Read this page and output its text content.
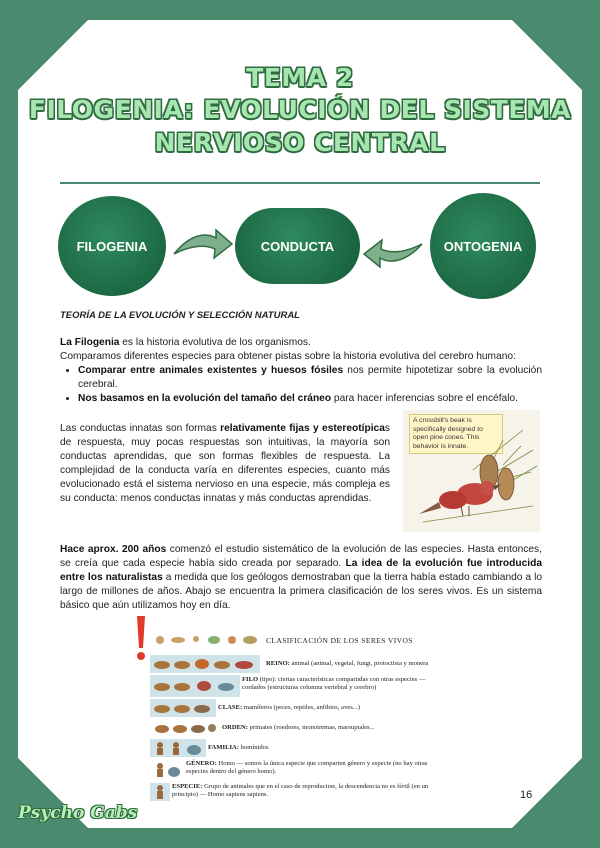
TEMA 2
FILOGENIA: EVOLUCIÓN DEL SISTEMA
NERVIOSO CENTRAL
FILOGENIA	CONDUCTA	ONTOGENIA
TEORÍA DE LA EVOLUCIÓN Y SELECCIÓN NATURAL
La Filogenia es la historia evolutiva de los organismos.
Comparamos diferentes especies para obtener pistas sobre la historia evolutiva del cerebro humano:
• Comparar entre animales existentes y huesos fósiles nos permite hipotetizar sobre la evolución cerebral.
• Nos basamos en la evolución del tamaño del cráneo para hacer inferencias sobre el encéfalo.
Las conductas innatas son formas relativamente fijas y estereotípicas de respuesta, muy pocas respuestas son intuitivas, la mayoría son conductas aprendidas, que son formas flexibles de respuesta. La complejidad de la conducta varía en diferentes especies, cuanto más evolucionado está el sistema nervioso en una especie, más compleja es su conducta: menos conductas innatas y más conductas aprendidas.
A crossbill's beak is specifically designed to open pine cones. This behavior is innate.
Hace aprox. 200 años comenzó el estudio sistemático de la evolución de las especies. Hasta entonces, se creía que cada especie había sido creada por separado. La idea de la evolución fue introducida entre los naturalistas a medida que los geólogos demostraban que la tierra había estado cambiando a lo largo de millones de años. Abajo se encuentra la primera clasificación de los seres vivos. Es un sistema básico que aún utilizamos hoy en día.
CLASIFICACIÓN DE LOS SERES VIVOS
REINO: animal (animal, vegetal, fungi, protoctista y monera
FILO (tipo): ciertas características compartidas con otras especies — cordados (estructuras columna vertebral y cerebro)
CLASE: mamíferos (peces, reptiles, anfibios, aves...)
ORDEN: primates (roedores, monotremas, marsupiales...
FAMILIA: homínidos
GÉNERO: Homo — somos la única especie que comparten género y especie (no hay otras especies dentro del género homo).
ESPECIE: Grupo de animales que en el caso de reproducirse, la descendencia no es fértil (en un principio) — Homo sapiens sapiens.	16
Psycho Gabs
